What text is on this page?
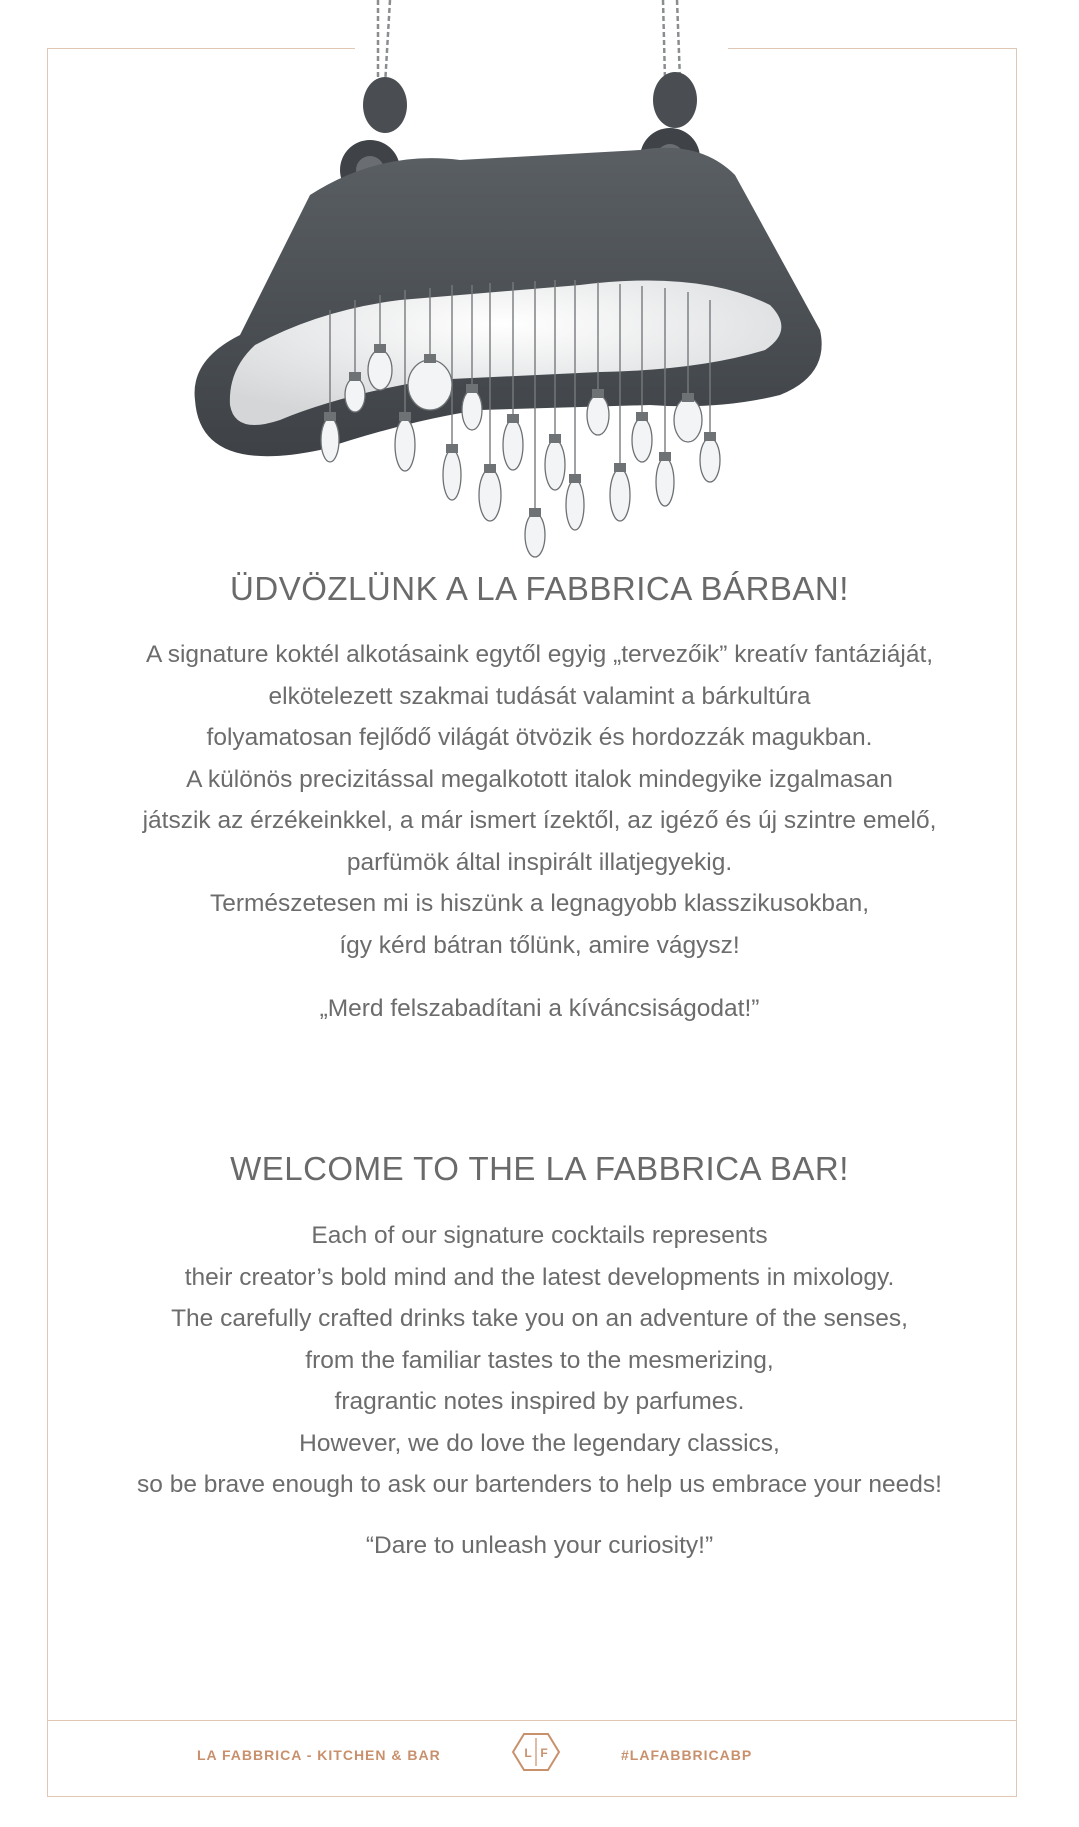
ÜDVÖZLÜNK A LA FABBRICA BÁRBAN!

A signature koktél alkotásaink egytől egyig „tervezőik” kreatív fantáziáját,
elkötelezett szakmai tudását valamint a bárkultúra
folyamatosan fejlődő világát ötvözik és hordozzák magukban.
A különös precizitással megalkotott italok mindegyike izgalmasan
játszik az érzékeinkkel, a már ismert ízektől, az igéző és új szintre emelő,
parfümök által inspirált illatjegyekig.
Természetesen mi is hiszünk a legnagyobb klasszikusokban,
így kérd bátran tőlünk, amire vágysz!

„Merd felszabadítani a kíváncsiságodat!”

WELCOME TO THE LA FABBRICA BAR!

Each of our signature cocktails represents
their creator’s bold mind and the latest developments in mixology.
The carefully crafted drinks take you on an adventure of the senses,
from the familiar tastes to the mesmerizing,
fragrantic notes inspired by parfumes.
However, we do love the legendary classics,
so be brave enough to ask our bartenders to help us embrace your needs!

“Dare to unleash your curiosity!”

LA FABBRICA - KITCHEN & BAR	L F	#LAFABBRICABP
